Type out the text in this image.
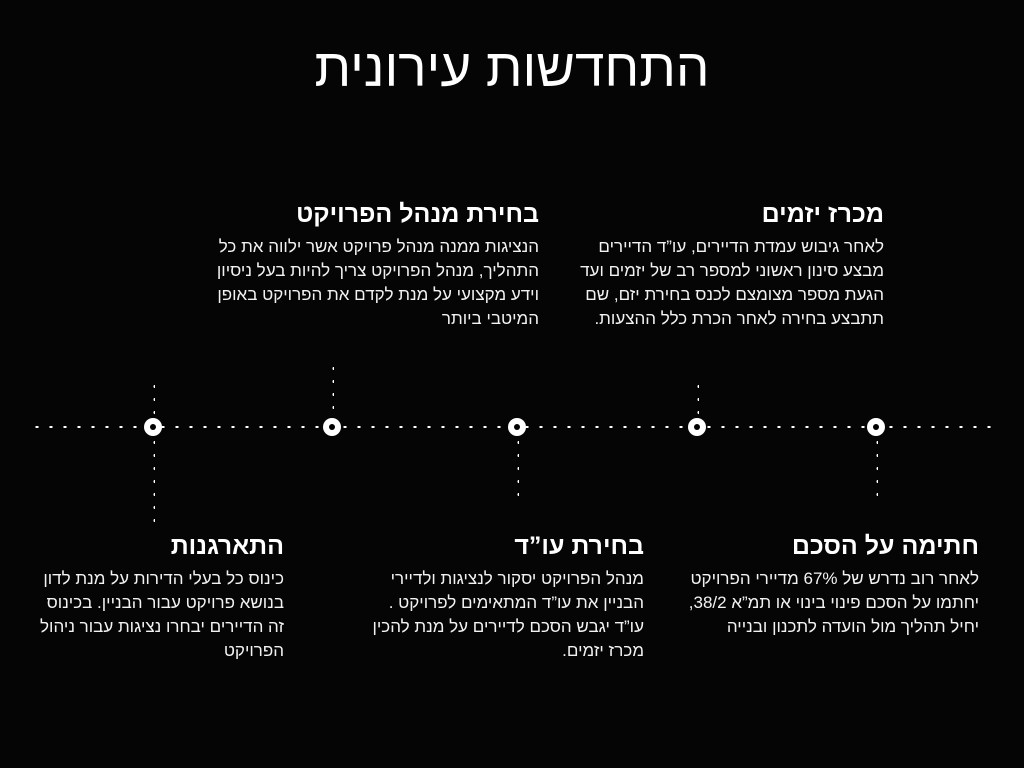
התחדשות עירונית
מכרז יזמים

לאחר גיבוש עמדת הדיירים, עו”ד הדיירים מבצע סינון ראשוני למספר רב של יזמים ועד הגעת מספר מצומצם לכנס בחירת יזם, שם תתבצע בחירה לאחר הכרת כלל ההצעות.

בחירת מנהל הפרויקט

הנציגות ממנה מנהל פרויקט אשר ילווה את כל התהליך, מנהל הפרויקט צריך להיות בעל ניסיון וידע מקצועי על מנת לקדם את הפרויקט באופן המיטבי ביותר

חתימה על הסכם

לאחר רוב נדרש של 67% מדיירי הפרויקט יחתמו על הסכם פינוי בינוי או תמ”א 38/2, יחיל תהליך מול הועדה לתכנון ובנייה

בחירת עו”ד

מנהל הפרויקט יסקור לנציגות ולדיירי הבניין את עו”ד המתאימים לפרויקט . עו”ד יגבש הסכם לדיירים על מנת להכין מכרז יזמים.

התארגנות

כינוס כל בעלי הדירות על מנת לדון בנושא פרויקט עבור הבניין. בכינוס זה הדיירים יבחרו נציגות עבור ניהול הפרויקט
